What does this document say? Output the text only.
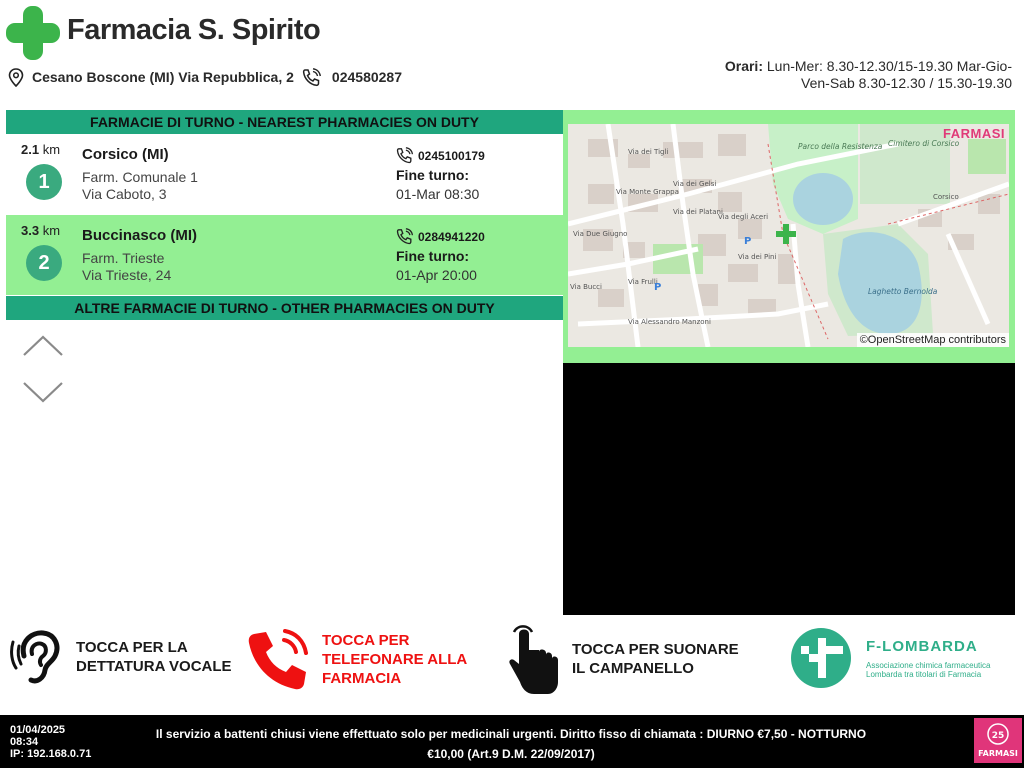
Farmacia S. Spirito
Cesano Boscone (MI) Via Repubblica, 2	024580287
Orari: Lun-Mer: 8.30-12.30/15-19.30 Mar-Gio-Ven-Sab 8.30-12.30 / 15.30-19.30
FARMACIE DI TURNO - NEAREST PHARMACIES ON DUTY
2.1 km
1
Corsico (MI)
Farm. Comunale 1
Via Caboto, 3
0245100179
Fine turno:
01-Mar 08:30
3.3 km
2
Buccinasco (MI)
Farm. Trieste
Via Trieste, 24
0284941220
Fine turno:
01-Apr 20:00
ALTRE FARMACIE DI TURNO - OTHER PHARMACIES ON DUTY
Via dei Tigli
Via dei Gelsi
Via Monte Grappa
Via dei Platani
Via degli Aceri
Via Due Giugno
Via Alessandro Manzoni
Via dei Pini
Via Frulli
Via Bucci
Corsico
Parco della Resistenza Cimitero di Corsico
Laghetto Bernolda
P
P
FARMASI
©OpenStreetMap contributors
TOCCA PER LA
DETTATURA VOCALE
TOCCA PER
TELEFONARE ALLA
FARMACIA
TOCCA PER SUONARE
IL CAMPANELLO
F-LOMBARDA
Associazione chimica farmaceutica
Lombarda tra titolari di Farmacia
01/04/2025
08:34
IP: 192.168.0.71
Il servizio a battenti chiusi viene effettuato solo per medicinali urgenti. Diritto fisso di chiamata : DIURNO €7,50 - NOTTURNO
€10,00 (Art.9 D.M. 22/09/2017)
25
FARMASI
